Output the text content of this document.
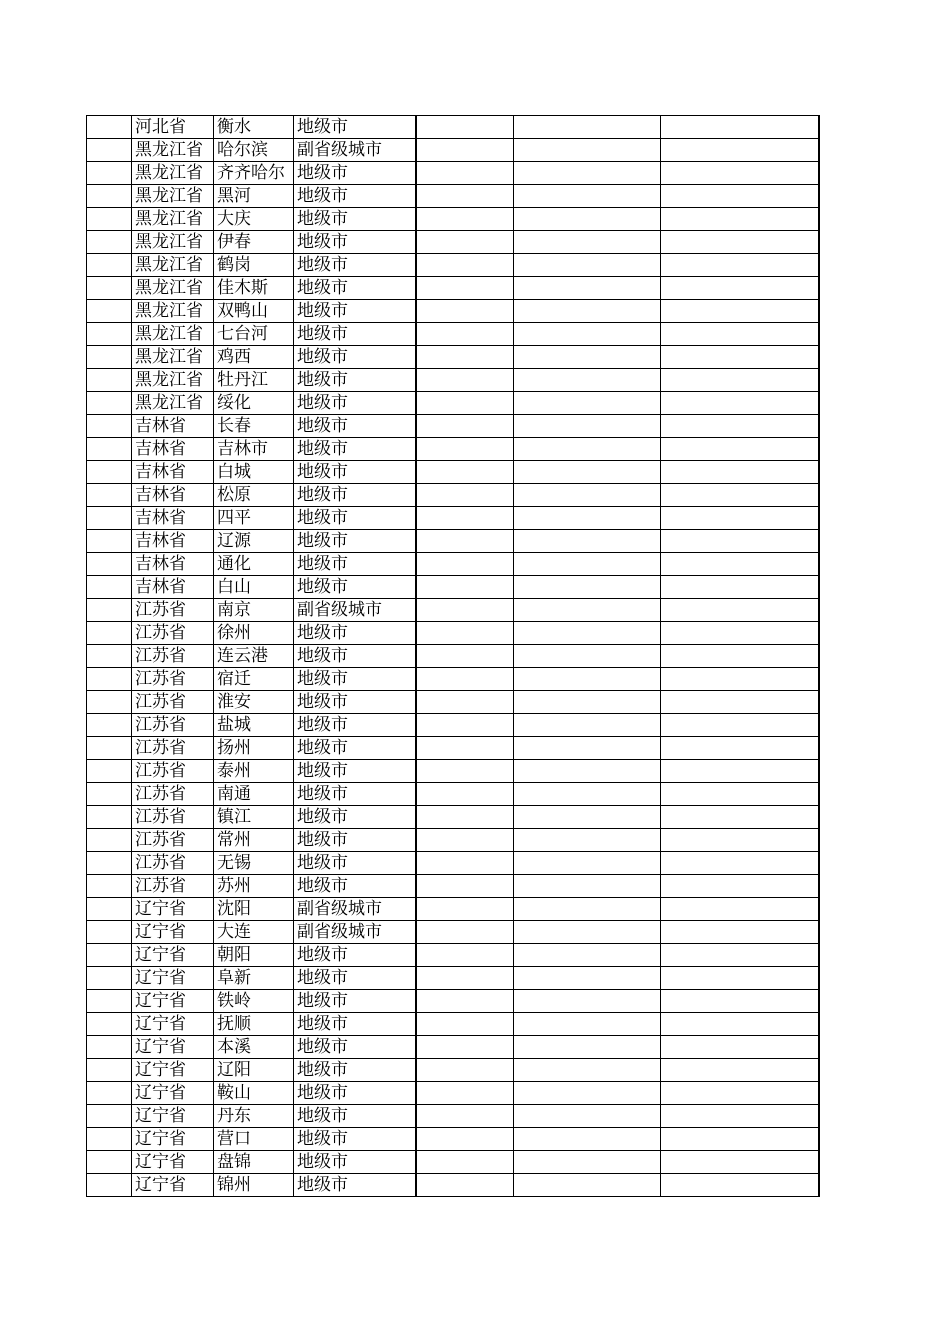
	河北省	衡水	地级市			
	黑龙江省	哈尔滨	副省级城市			
	黑龙江省	齐齐哈尔	地级市			
	黑龙江省	黑河	地级市			
	黑龙江省	大庆	地级市			
	黑龙江省	伊春	地级市			
	黑龙江省	鹤岗	地级市			
	黑龙江省	佳木斯	地级市			
	黑龙江省	双鸭山	地级市			
	黑龙江省	七台河	地级市			
	黑龙江省	鸡西	地级市			
	黑龙江省	牡丹江	地级市			
	黑龙江省	绥化	地级市			
	吉林省	长春	地级市			
	吉林省	吉林市	地级市			
	吉林省	白城	地级市			
	吉林省	松原	地级市			
	吉林省	四平	地级市			
	吉林省	辽源	地级市			
	吉林省	通化	地级市			
	吉林省	白山	地级市			
	江苏省	南京	副省级城市			
	江苏省	徐州	地级市			
	江苏省	连云港	地级市			
	江苏省	宿迁	地级市			
	江苏省	淮安	地级市			
	江苏省	盐城	地级市			
	江苏省	扬州	地级市			
	江苏省	泰州	地级市			
	江苏省	南通	地级市			
	江苏省	镇江	地级市			
	江苏省	常州	地级市			
	江苏省	无锡	地级市			
	江苏省	苏州	地级市			
	辽宁省	沈阳	副省级城市			
	辽宁省	大连	副省级城市			
	辽宁省	朝阳	地级市			
	辽宁省	阜新	地级市			
	辽宁省	铁岭	地级市			
	辽宁省	抚顺	地级市			
	辽宁省	本溪	地级市			
	辽宁省	辽阳	地级市			
	辽宁省	鞍山	地级市			
	辽宁省	丹东	地级市			
	辽宁省	营口	地级市			
	辽宁省	盘锦	地级市			
	辽宁省	锦州	地级市			
